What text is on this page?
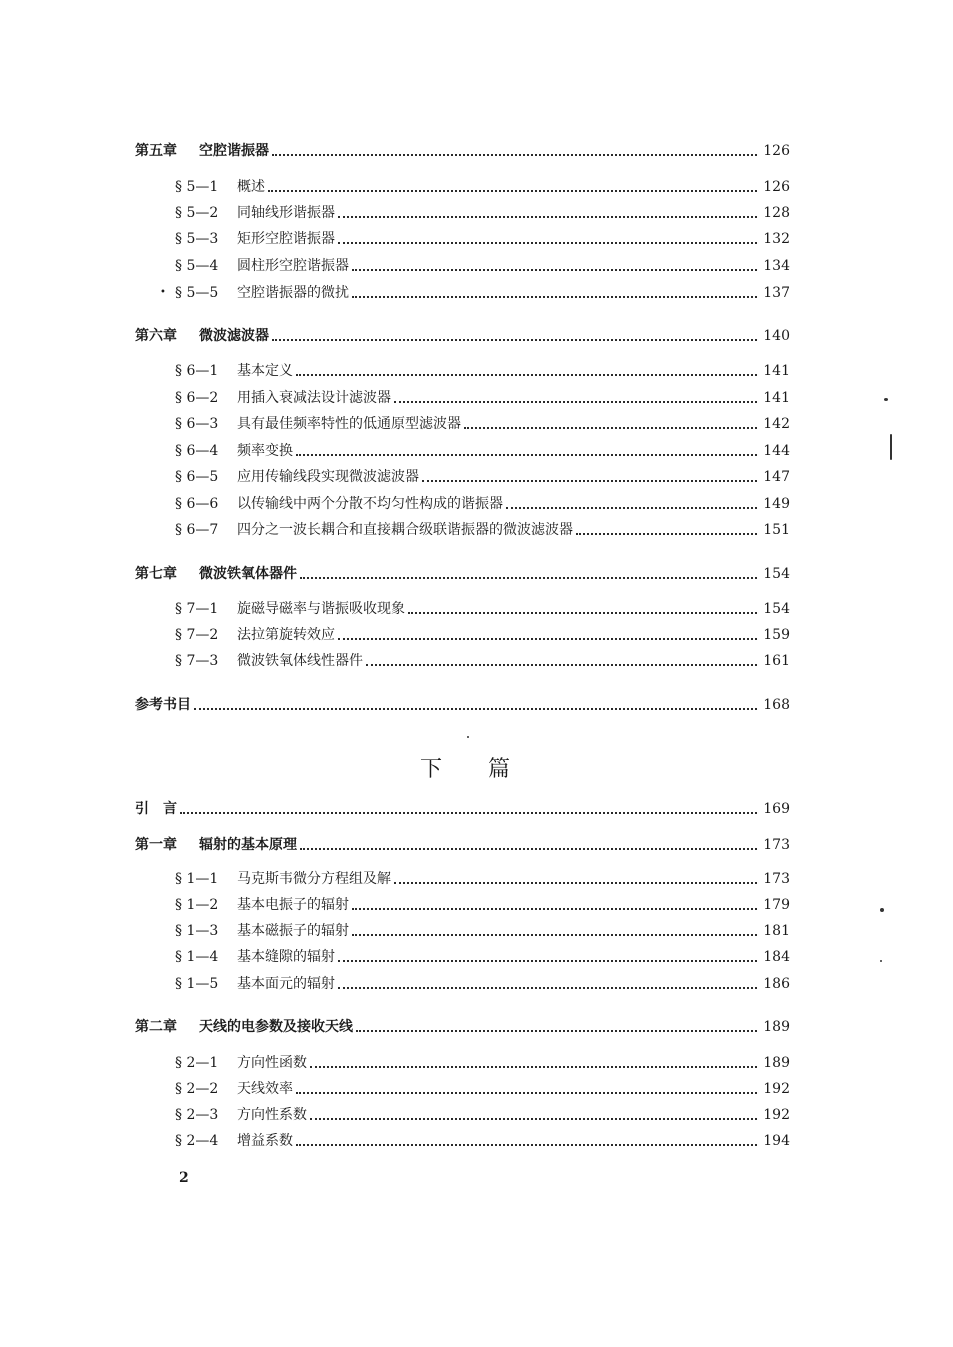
第五章 空腔谐振器	126
§ 5—1	概述	126
§ 5—2	同轴线形谐振器	128
§ 5—3	矩形空腔谐振器	132
§ 5—4	圆柱形空腔谐振器	134
• § 5—5	空腔谐振器的微扰	137
第六章 微波滤波器	140
§ 6—1	基本定义	141
§ 6—2	用插入衰减法设计滤波器	141
§ 6—3	具有最佳频率特性的低通原型滤波器	142
§ 6—4	频率变换	144
§ 6—5	应用传输线段实现微波滤波器	147
§ 6—6	以传输线中两个分散不均匀性构成的谐振器	149
§ 6—7	四分之一波长耦合和直接耦合级联谐振器的微波滤波器	151
第七章 微波铁氧体器件	154
§ 7—1	旋磁导磁率与谐振吸收现象	154
§ 7—2	法拉第旋转效应	159
§ 7—3	微波铁氧体线性器件	161
参考书目	168
下篇
引　言	169
第一章 辐射的基本原理	173
§ 1—1	马克斯韦微分方程组及解	173
§ 1—2	基本电振子的辐射	179
§ 1—3	基本磁振子的辐射	181
§ 1—4	基本缝隙的辐射	184
§ 1—5	基本面元的辐射	186
第二章 天线的电参数及接收天线	189
§ 2—1	方向性函数	189
§ 2—2	天线效率	192
§ 2—3	方向性系数	192
§ 2—4	增益系数	194
2
